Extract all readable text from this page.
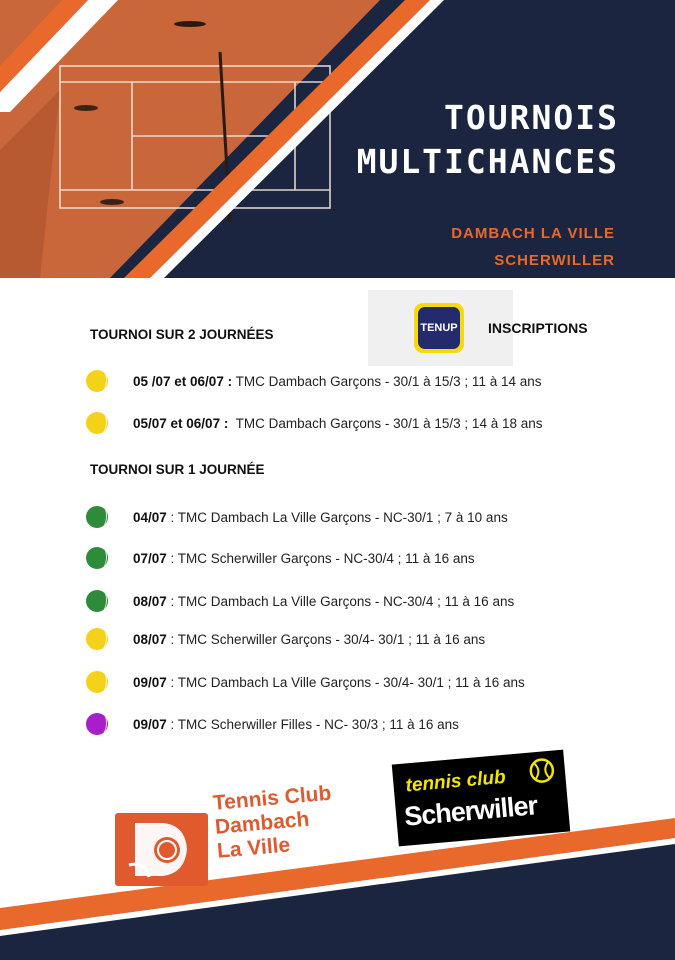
TOURNOIS
MULTICHANCES
DAMBACH LA VILLE
SCHERWILLER
TENUP INSCRIPTIONS
TOURNOI SUR 2 JOURNÉES
05 /07 et 06/07 : TMC Dambach Garçons - 30/1 à 15/3 ; 11 à 14 ans
05/07 et 06/07 :  TMC Dambach Garçons - 30/1 à 15/3 ; 14 à 18 ans
TOURNOI SUR 1 JOURNÉE
04/07 : TMC Dambach La Ville Garçons - NC-30/1 ; 7 à 10 ans
07/07 : TMC Scherwiller Garçons - NC-30/4 ; 11 à 16 ans
08/07 : TMC Dambach La Ville Garçons - NC-30/4 ; 11 à 16 ans
08/07 : TMC Scherwiller Garçons - 30/4- 30/1 ; 11 à 16 ans
09/07 : TMC Dambach La Ville Garçons - 30/4- 30/1 ; 11 à 16 ans
09/07 : TMC Scherwiller Filles - NC- 30/3 ; 11 à 16 ans
Tennis Club
Dambach
La Ville
tennis club
Scherwiller
